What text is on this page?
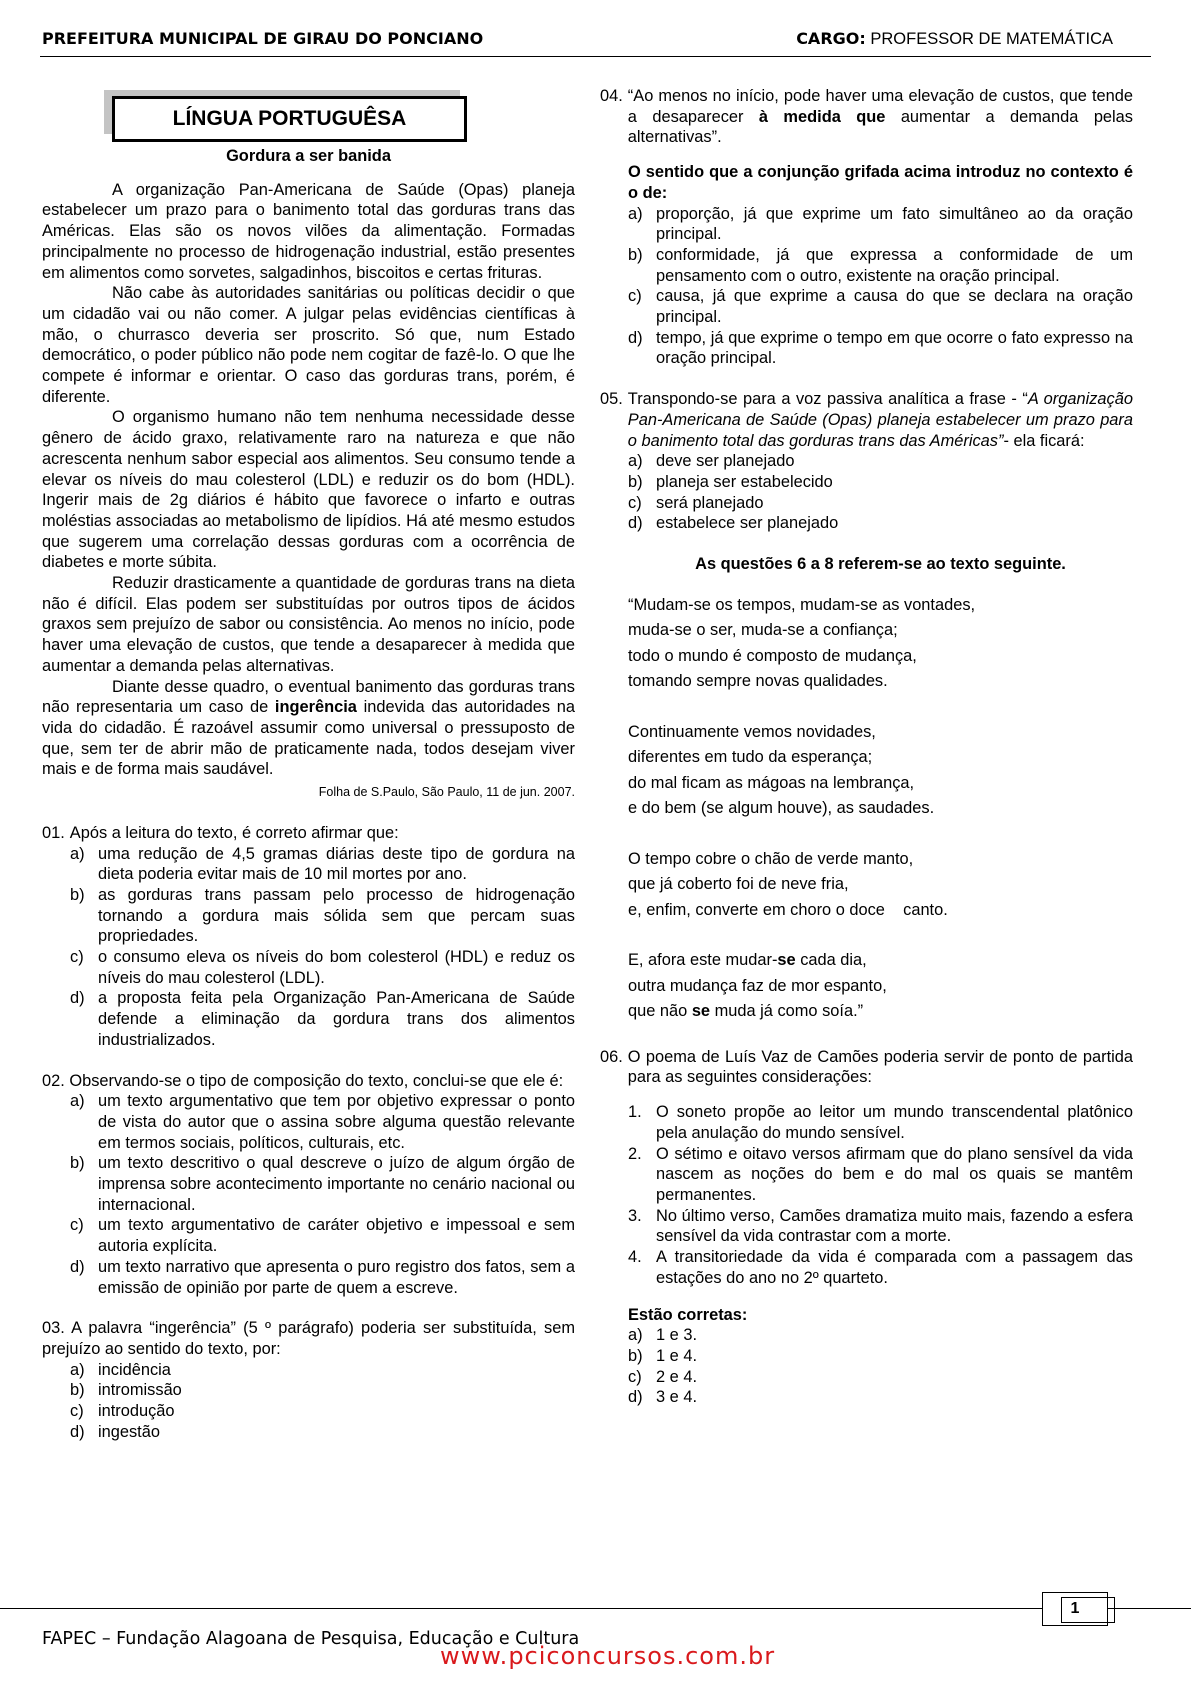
PREFEITURA MUNICIPAL DE GIRAU DO PONCIANO	CARGO: PROFESSOR DE MATEMÁTICA
LÍNGUA PORTUGUÊSA
Gordura a ser banida

A organização Pan-Americana de Saúde (Opas) planeja estabelecer um prazo para o banimento total das gorduras trans das Américas. Elas são os novos vilões da alimentação. Formadas principalmente no processo de hidrogenação industrial, estão presentes em alimentos como sorvetes, salgadinhos, biscoitos e certas frituras.

Não cabe às autoridades sanitárias ou políticas decidir o que um cidadão vai ou não comer. A julgar pelas evidências científicas à mão, o churrasco deveria ser proscrito. Só que, num Estado democrático, o poder público não pode nem cogitar de fazê-lo. O que lhe compete é informar e orientar. O caso das gorduras trans, porém, é diferente.

O organismo humano não tem nenhuma necessidade desse gênero de ácido graxo, relativamente raro na natureza e que não acrescenta nenhum sabor especial aos alimentos. Seu consumo tende a elevar os níveis do mau colesterol (LDL) e reduzir os do bom (HDL). Ingerir mais de 2g diários é hábito que favorece o infarto e outras moléstias associadas ao metabolismo de lipídios. Há até mesmo estudos que sugerem uma correlação dessas gorduras com a ocorrência de diabetes e morte súbita.

Reduzir drasticamente a quantidade de gorduras trans na dieta não é difícil. Elas podem ser substituídas por outros tipos de ácidos graxos sem prejuízo de sabor ou consistência. Ao menos no início, pode haver uma elevação de custos, que tende a desaparecer à medida que aumentar a demanda pelas alternativas.

Diante desse quadro, o eventual banimento das gorduras trans não representaria um caso de ingerência indevida das autoridades na vida do cidadão. É razoável assumir como universal o pressuposto de que, sem ter de abrir mão de praticamente nada, todos desejam viver mais e de forma mais saudável.

Folha de S.Paulo, São Paulo, 11 de jun. 2007.
01. Após a leitura do texto, é correto afirmar que:
a) uma redução de 4,5 gramas diárias deste tipo de gordura na dieta poderia evitar mais de 10 mil mortes por ano.
b) as gorduras trans passam pelo processo de hidrogenação tornando a gordura mais sólida sem que percam suas propriedades.
c) o consumo eleva os níveis do bom colesterol (HDL) e reduz os níveis do mau colesterol (LDL).
d) a proposta feita pela Organização Pan-Americana de Saúde defende a eliminação da gordura trans dos alimentos industrializados.
02. Observando-se o tipo de composição do texto, conclui-se que ele é:
a) um texto argumentativo que tem por objetivo expressar o ponto de vista do autor que o assina sobre alguma questão relevante em termos sociais, políticos, culturais, etc.
b) um texto descritivo o qual descreve o juízo de algum órgão de imprensa sobre acontecimento importante no cenário nacional ou internacional.
c) um texto argumentativo de caráter objetivo e impessoal e sem autoria explícita.
d) um texto narrativo que apresenta o puro registro dos fatos, sem a emissão de opinião por parte de quem a escreve.
03. A palavra “ingerência” (5 º parágrafo) poderia ser substituída, sem prejuízo ao sentido do texto, por:
a) incidência
b) intromissão
c) introdução
d) ingestão
04. “Ao menos no início, pode haver uma elevação de custos, que tende a desaparecer à medida que aumentar a demanda pelas alternativas”.
O sentido que a conjunção grifada acima introduz no contexto é o de:
a) proporção, já que exprime um fato simultâneo ao da oração principal.
b) conformidade, já que expressa a conformidade de um pensamento com o outro, existente na oração principal.
c) causa, já que exprime a causa do que se declara na oração principal.
d) tempo, já que exprime o tempo em que ocorre o fato expresso na oração principal.
05. Transpondo-se para a voz passiva analítica a frase - “A organização Pan-Americana de Saúde (Opas) planeja estabelecer um prazo para o banimento total das gorduras trans das Américas”- ela ficará:
a) deve ser planejado
b) planeja ser estabelecido
c) será planejado
d) estabelece ser planejado
As questões 6 a 8 referem-se ao texto seguinte.
“Mudam-se os tempos, mudam-se as vontades,
muda-se o ser, muda-se a confiança;
todo o mundo é composto de mudança,
tomando sempre novas qualidades.
Continuamente vemos novidades,
diferentes em tudo da esperança;
do mal ficam as mágoas na lembrança,
e do bem (se algum houve), as saudades.
O tempo cobre o chão de verde manto,
que já coberto foi de neve fria,
e, enfim, converte em choro o doce    canto.
E, afora este mudar-se cada dia,
outra mudança faz de mor espanto,
que não se muda já como soía.”
06. O poema de Luís Vaz de Camões poderia servir de ponto de partida para as seguintes considerações:
1. O soneto propõe ao leitor um mundo transcendental platônico pela anulação do mundo sensível.
2. O sétimo e oitavo versos afirmam que do plano sensível da vida nascem as noções do bem e do mal os quais se mantêm permanentes.
3. No último verso, Camões dramatiza muito mais, fazendo a esfera sensível da vida contrastar com a morte.
4. A transitoriedade da vida é comparada com a passagem das estações do ano no 2º quarteto.
Estão corretas:
a) 1 e 3.
b) 1 e 4.
c) 2 e 4.
d) 3 e 4.
1
FAPEC – Fundação Alagoana de Pesquisa, Educação e Cultura
www.pciconcursos.com.br
